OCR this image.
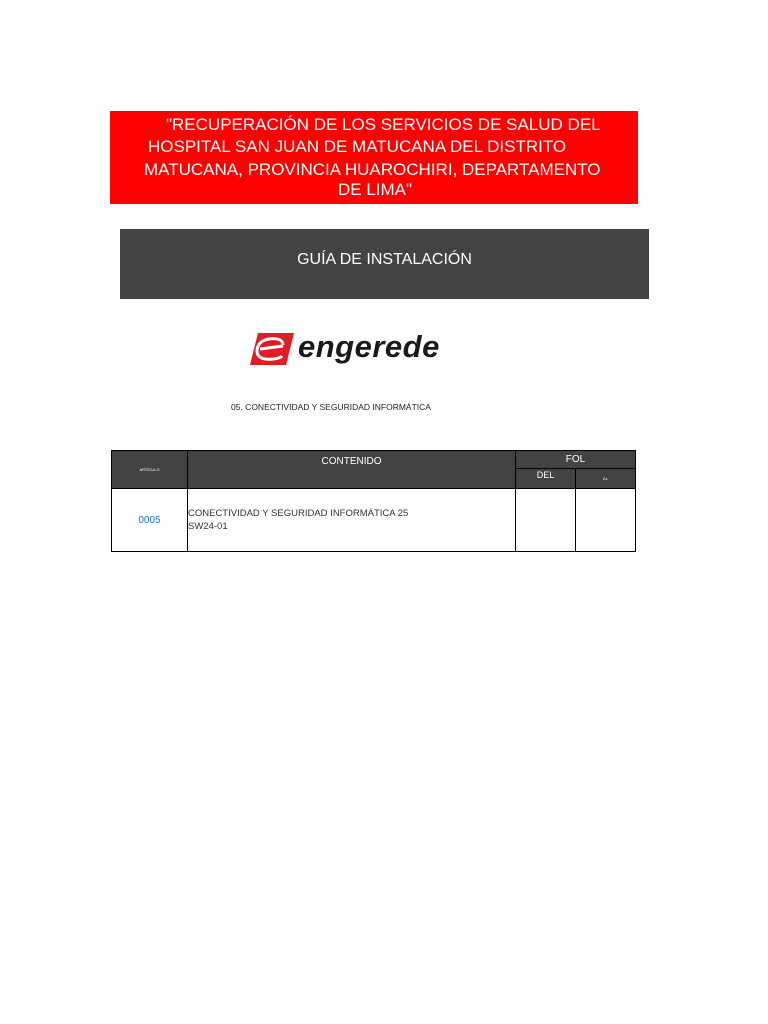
"RECUPERACIÓN DE LOS SERVICIOS DE SALUD DEL
HOSPITAL SAN JUAN DE MATUCANA DEL DISTRITO
MATUCANA, PROVINCIA HUAROCHIRI, DEPARTAMENTO
DE LIMA"
GUÍA DE INSTALACIÓN
engerede
05. CONECTIVIDAD Y SEGURIDAD INFORMÁTICA
ARTÍCULO	CONTENIDO	FOL	
		DEL	AL
0005	CONECTIVIDAD Y SEGURIDAD INFORMÁTICA 25
SW24-01		
